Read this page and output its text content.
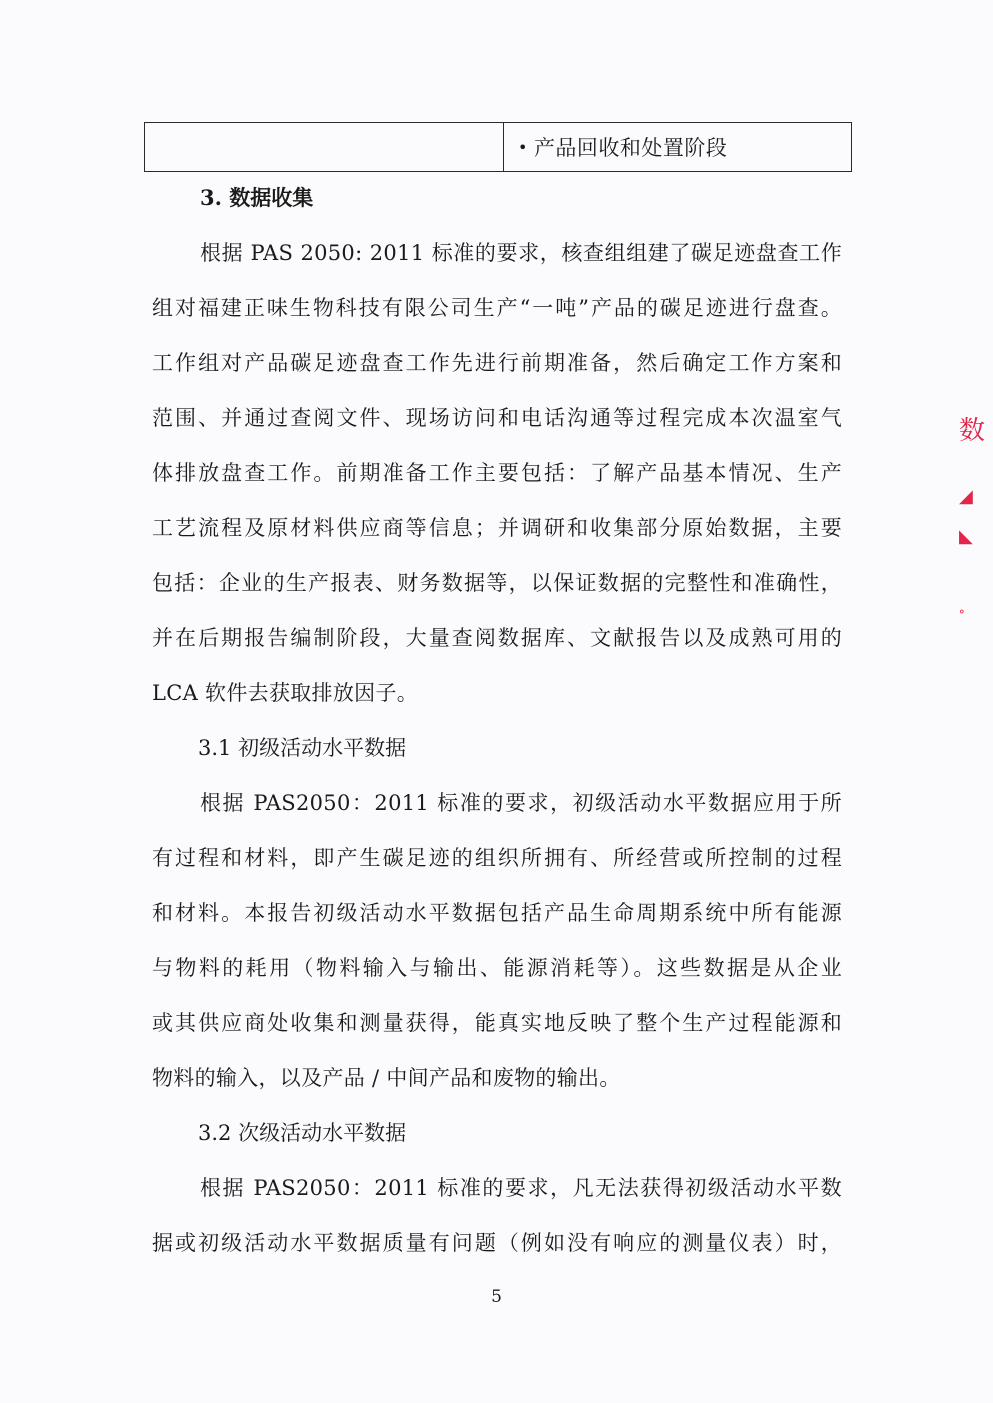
• 产品回收和处置阶段
3. 数据收集
根据 PAS 2050: 2011 标准的要求，核查组组建了碳足迹盘查工作
组对福建正味生物科技有限公司生产“一吨”产品的碳足迹进行盘查。
工作组对产品碳足迹盘查工作先进行前期准备，然后确定工作方案和
范围、并通过查阅文件、现场访问和电话沟通等过程完成本次温室气
体排放盘查工作。前期准备工作主要包括：了解产品基本情况、生产
工艺流程及原材料供应商等信息；并调研和收集部分原始数据，主要
包括：企业的生产报表、财务数据等，以保证数据的完整性和准确性，
并在后期报告编制阶段，大量查阅数据库、文献报告以及成熟可用的
LCA 软件去获取排放因子。
3.1 初级活动水平数据
根据 PAS2050：2011 标准的要求，初级活动水平数据应用于所
有过程和材料，即产生碳足迹的组织所拥有、所经营或所控制的过程
和材料。本报告初级活动水平数据包括产品生命周期系统中所有能源
与物料的耗用（物料输入与输出、能源消耗等）。这些数据是从企业
或其供应商处收集和测量获得，能真实地反映了整个生产过程能源和
物料的输入，以及产品 / 中间产品和废物的输出。
3.2 次级活动水平数据
根据 PAS2050：2011 标准的要求，凡无法获得初级活动水平数
据或初级活动水平数据质量有问题（例如没有响应的测量仪表）时，
5
数
◢
◣
ᐤ
